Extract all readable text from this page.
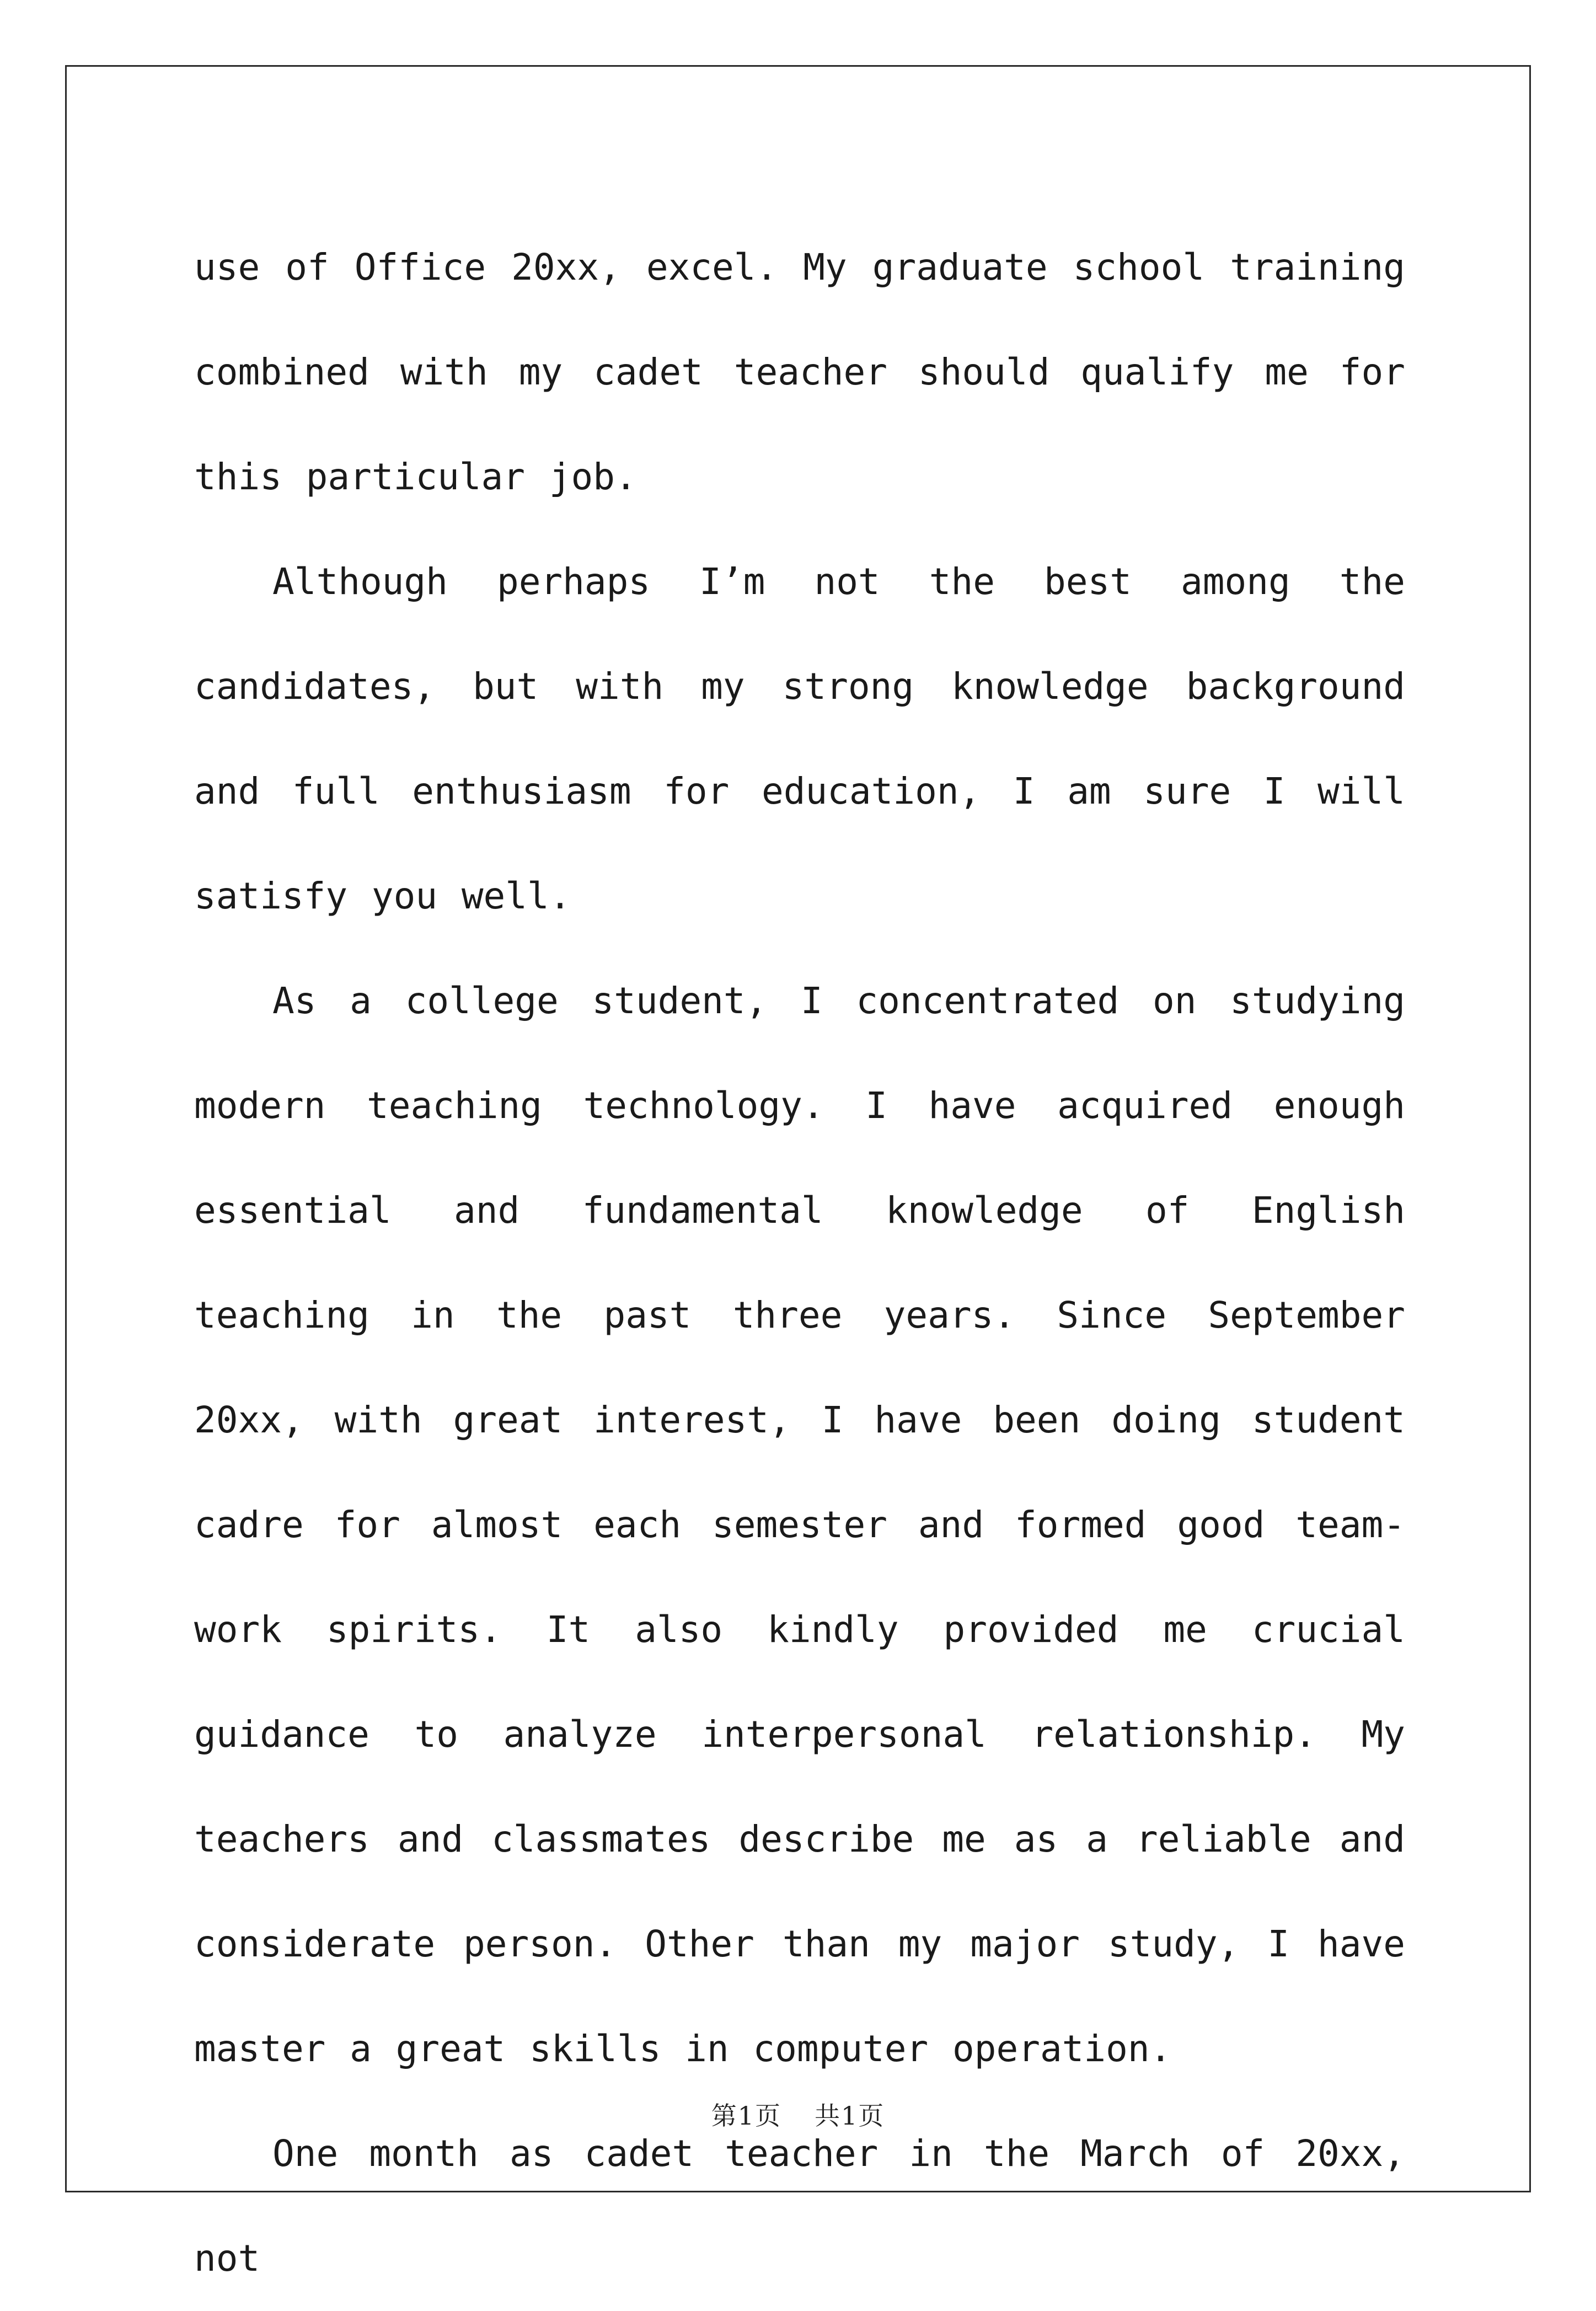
use of Office 20xx, excel. My graduate school training combined with my cadet teacher should qualify me for this particular job.

Although perhaps I’m not the best among the candidates, but with my strong knowledge background and full enthusiasm for education, I am sure I will satisfy you well.

As a college student, I concentrated on studying modern teaching technology. I have acquired enough essential and fundamental knowledge of English teaching in the past three years. Since September 20xx, with great interest, I have been doing student cadre for almost each semester and formed good team-work spirits. It also kindly provided me crucial guidance to analyze interpersonal relationship. My teachers and classmates describe me as a reliable and considerate person. Other than my major study, I have master a great skills in computer operation.

One month as cadet teacher in the March of 20xx, not

第1页 共1页
